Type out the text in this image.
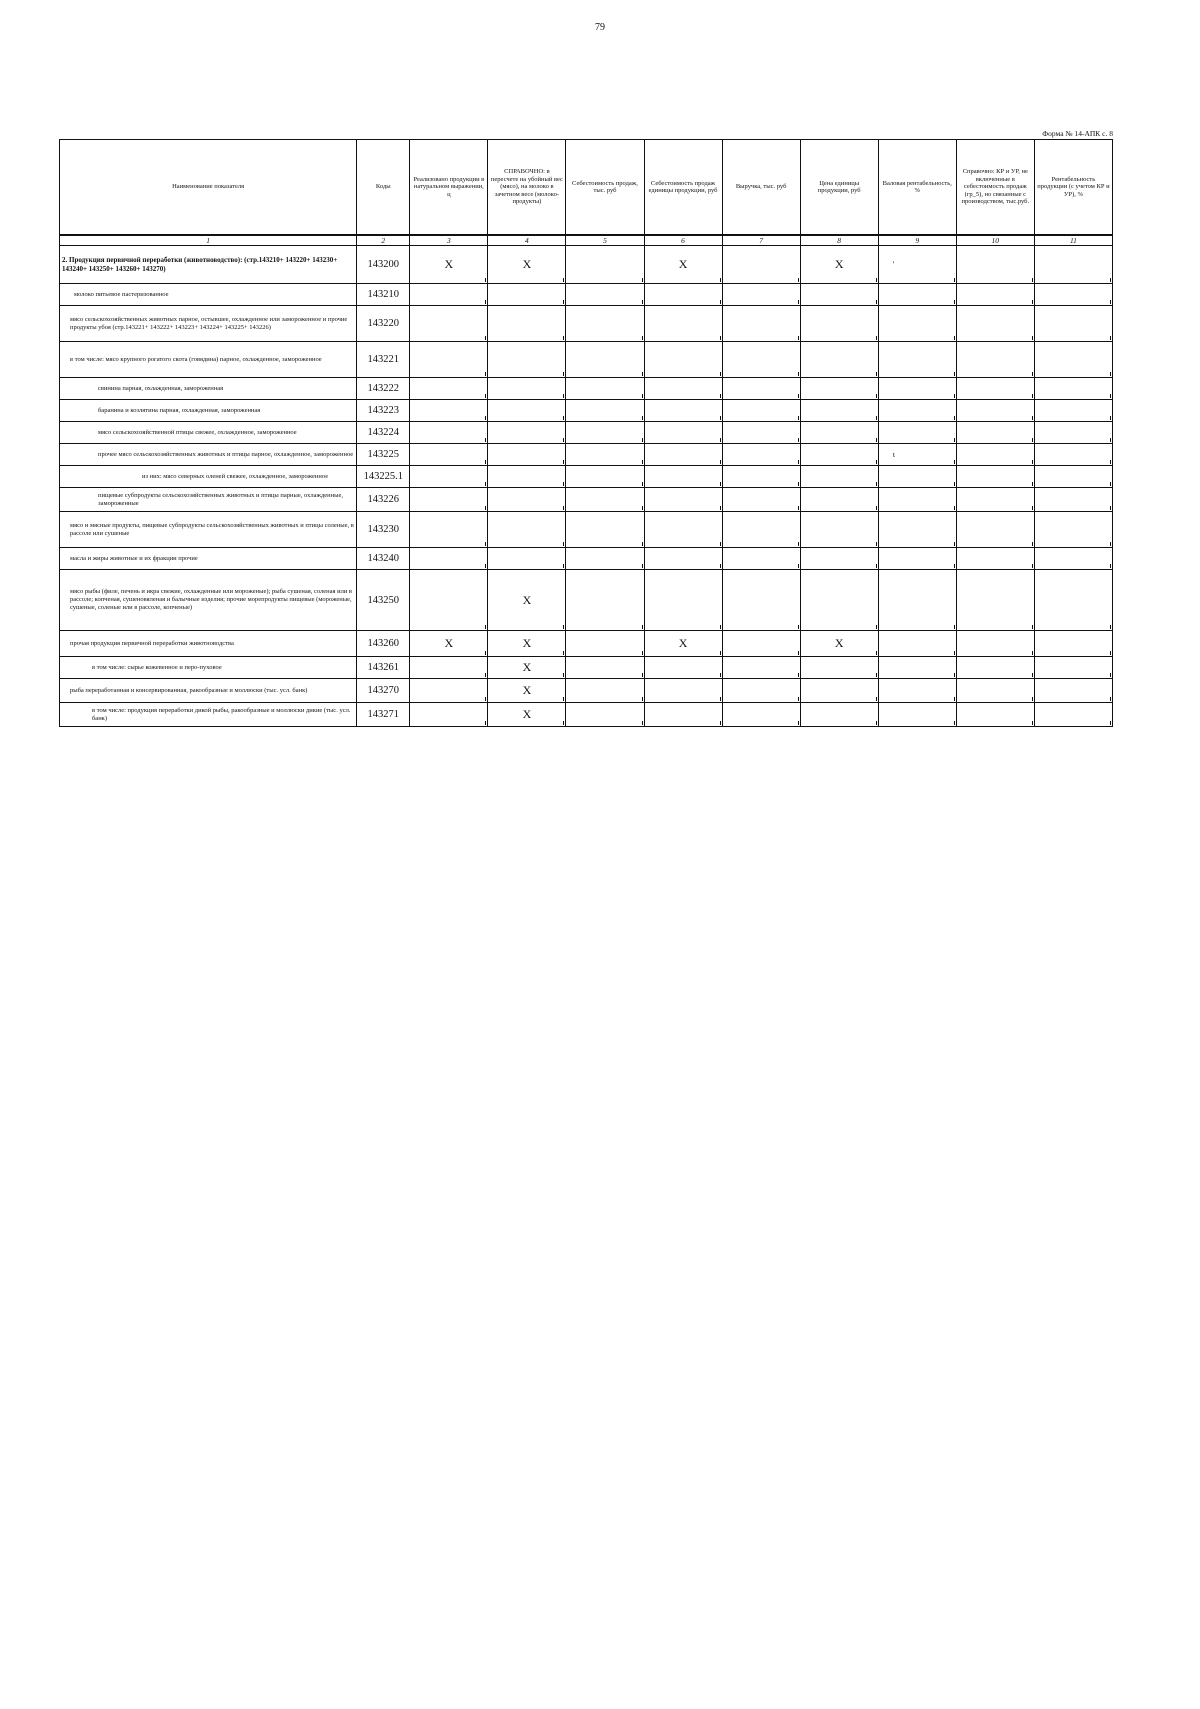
79
Форма № 14-АПК с. 8
Наименование показателя	Коды	Реализовано продукции в натуральном выражении, ц	СПРАВОЧНО: в пересчете на убойный вес (мясо), на молоко в зачетном весе (молоко-продукты)	Себестоимость продаж, тыс. руб	Себестоимость продаж единицы продукции, руб	Выручка, тыс. руб	Цена единицы продукции, руб	Валовая рентабельность, %	Справочно: КР и УР, не включенные в себестоимость продаж (гр_5), но связанные с производством, тыс.руб.	Рентабельность продукции (с учетом КР и УР), %
1	2	3	4	5	6	7	8	9	10	11
2. Продукция первичной переработки (животноводство): (стр.143210+ 143220+ 143230+ 143240+ 143250+ 143260+ 143270)	143200	X	X		X		X	'		
молоко питьевое пастеризованное	143210									
мясо сельскохозяйственных животных парное, остывшее, охлажденное или замороженное и прочие продукты убоя (стр.143221+ 143222+ 143223+ 143224+ 143225+ 143226)	143220									
в том числе: мясо крупного рогатого скота (говядина) парное, охлажденное, замороженное	143221									
свинина парная, охлажденная, замороженная	143222									
баранина и козлятина парная, охлажденная, замороженная	143223									
мясо сельскохозяйственной птицы свежее, охлажденное, замороженное	143224									
прочее мясо сельскохозяйственных животных и птицы парное, охлажденное, замороженное	143225							ι		
из них: мясо северных оленей свежее, охлажденное, замороженное	143225.1									
пищевые субпродукты сельскохозяйственных животных и птицы парные, охлажденные, замороженные	143226									
мясо и мясные продукты, пищевые субпродукты сельскохозяйственных животных и птицы соленые, в рассоле или сушеные	143230									
масла и жиры животные и их фракции прочие	143240									
мясо рыбы (филе, печень и икра свежие, охлажденные или мороженые); рыба сушеная, соленая или в рассоле; копченая, сушеновяленая и балычные изделия; прочие морепродукты пищевые (мороженые, сушеные, соленые или в рассоле, копченые)	143250		X							
прочая продукция первичной переработки животноводства	143260	X	X		X		X			
в том числе: сырье кожевенное и перо-пуховое	143261		X							
рыба переработанная и консервированная, ракообразные и моллюски (тыс. усл. банк)	143270		X							
в том числе: продукция переработки дикой рыбы, ракообразные и моллюски дикие (тыс. усл. банк)	143271		X							
